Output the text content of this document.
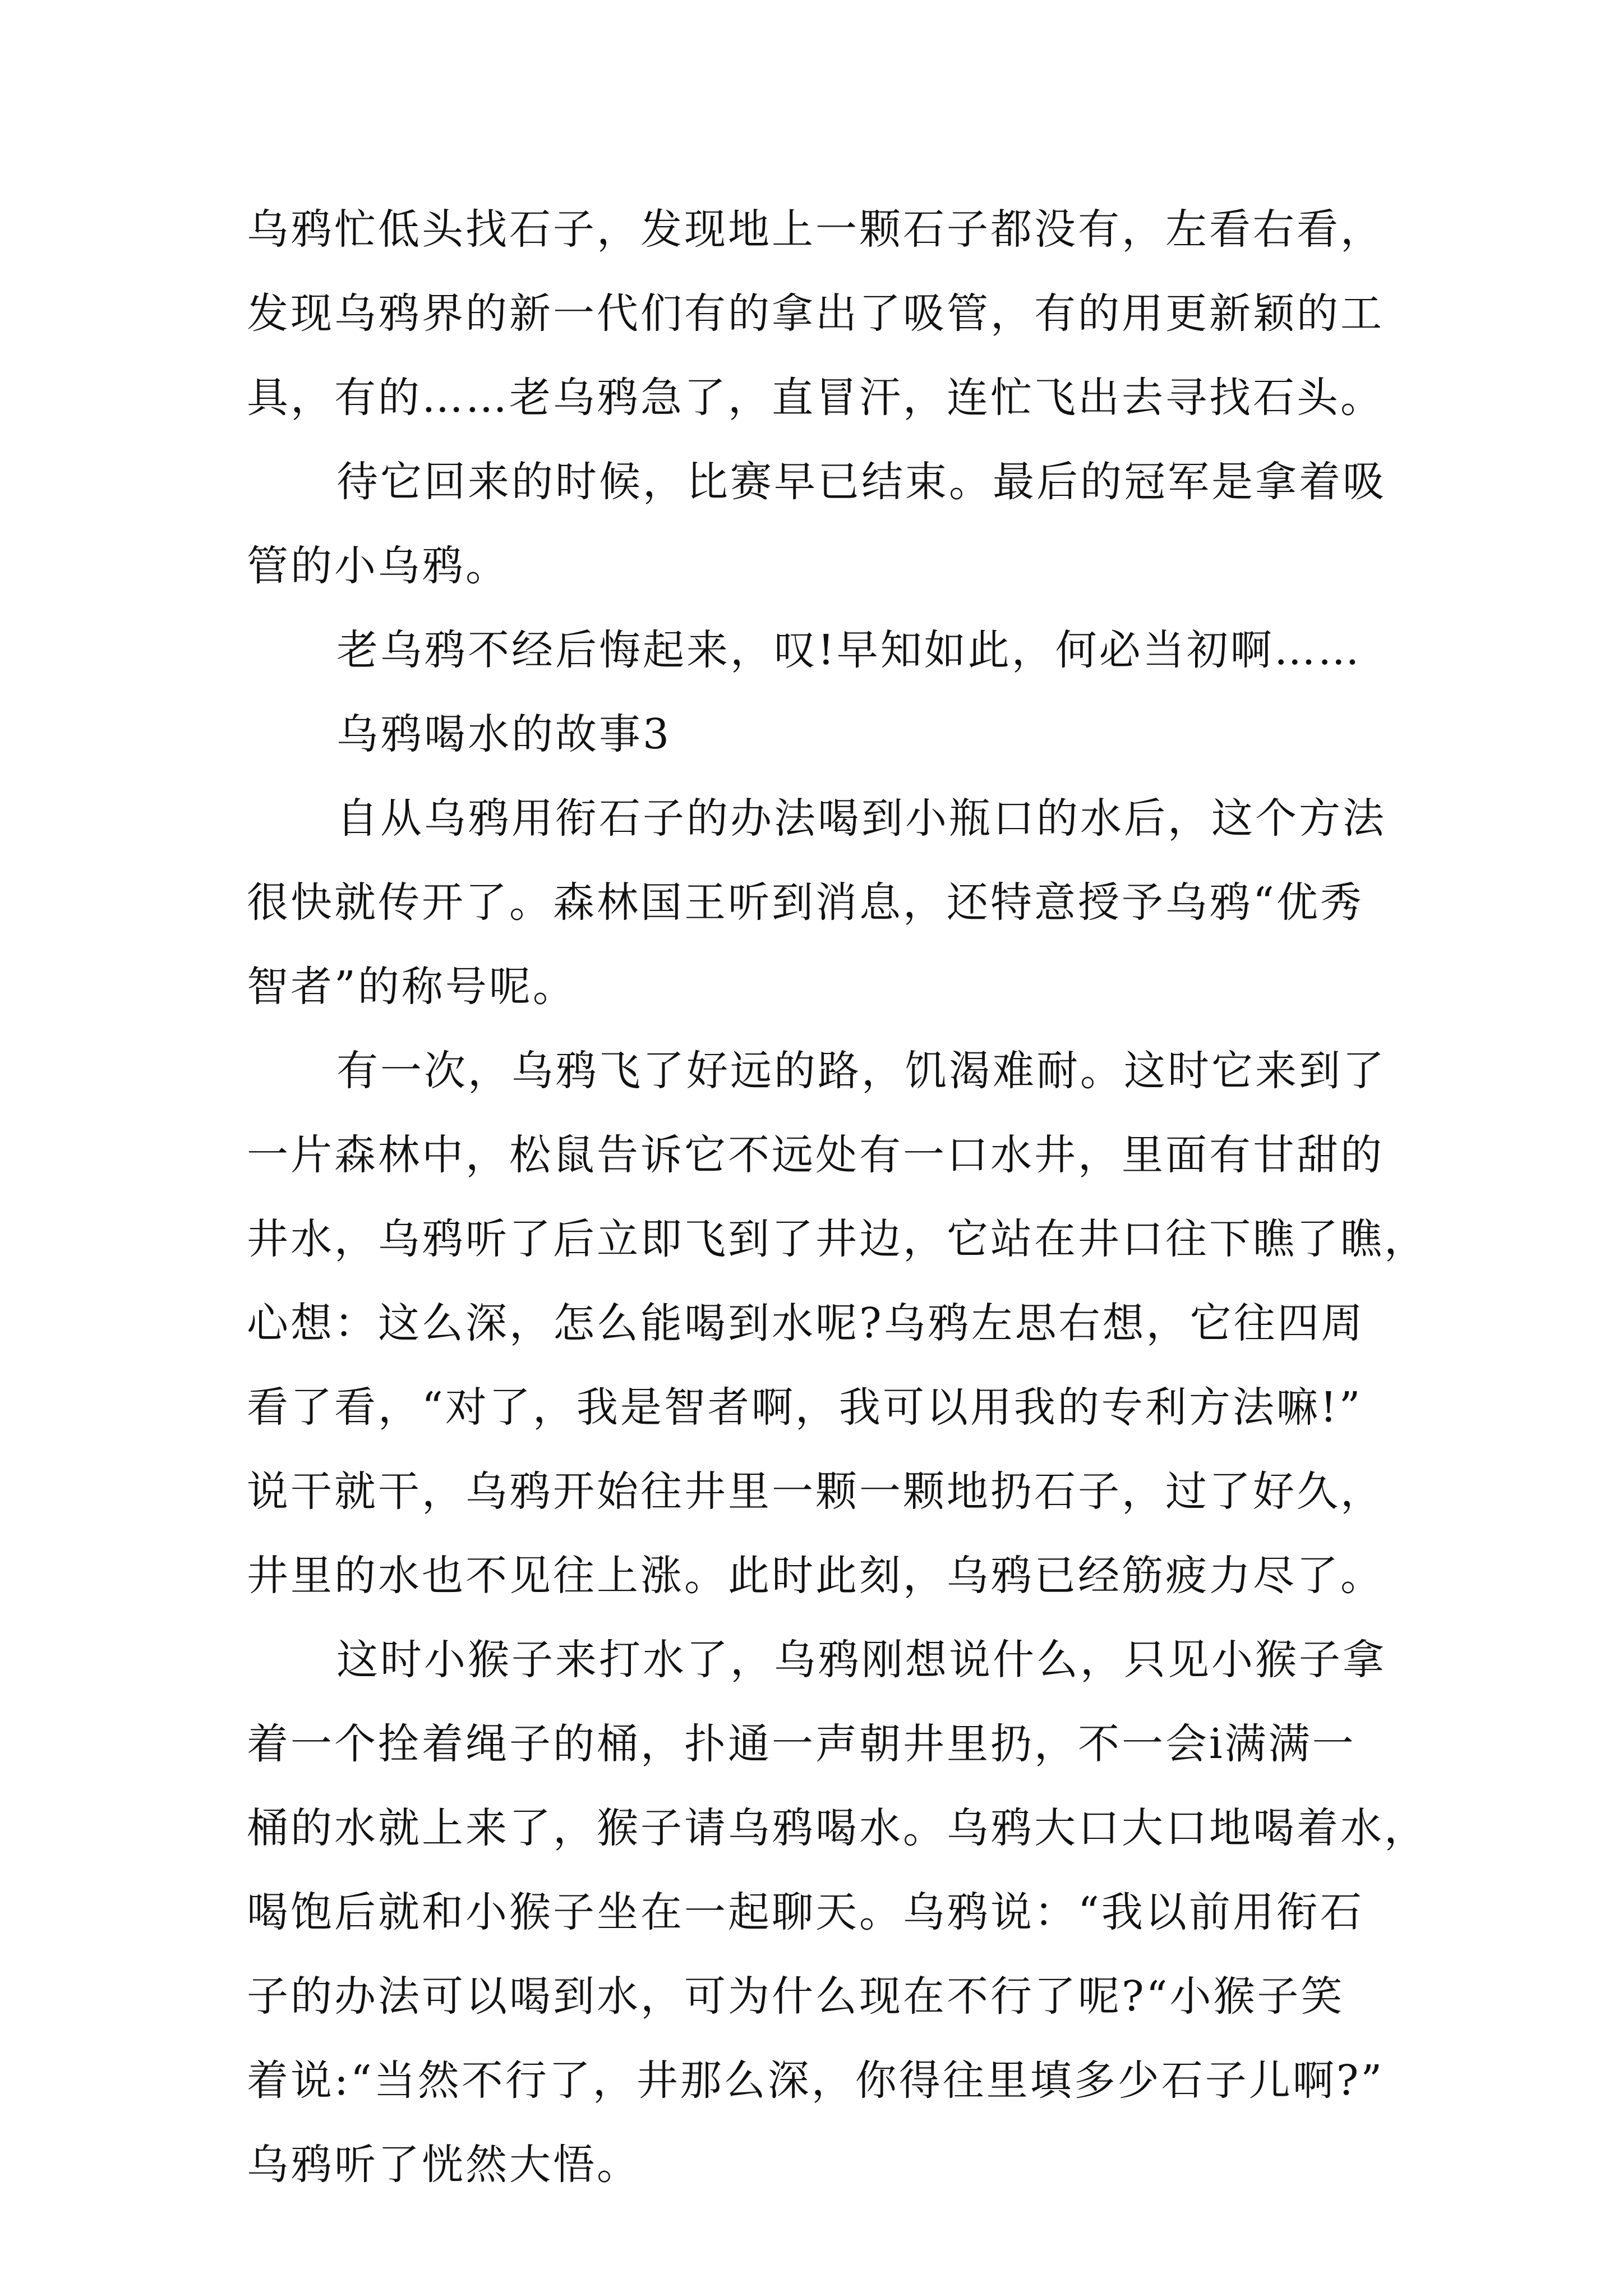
乌鸦忙低头找石子，发现地上一颗石子都没有，左看右看，
发现乌鸦界的新一代们有的拿出了吸管，有的用更新颖的工
具，有的……老乌鸦急了，直冒汗，连忙飞出去寻找石头。
待它回来的时候，比赛早已结束。最后的冠军是拿着吸
管的小乌鸦。
老乌鸦不经后悔起来，叹!早知如此，何必当初啊……
乌鸦喝水的故事3
自从乌鸦用衔石子的办法喝到小瓶口的水后，这个方法
很快就传开了。森林国王听到消息，还特意授予乌鸦“优秀
智者”的称号呢。
有一次，乌鸦飞了好远的路，饥渴难耐。这时它来到了
一片森林中，松鼠告诉它不远处有一口水井，里面有甘甜的
井水，乌鸦听了后立即飞到了井边，它站在井口往下瞧了瞧，
心想：这么深，怎么能喝到水呢?乌鸦左思右想，它往四周
看了看，“对了，我是智者啊，我可以用我的专利方法嘛!”
说干就干，乌鸦开始往井里一颗一颗地扔石子，过了好久，
井里的水也不见往上涨。此时此刻，乌鸦已经筋疲力尽了。
这时小猴子来打水了，乌鸦刚想说什么，只见小猴子拿
着一个拴着绳子的桶，扑通一声朝井里扔，不一会i满满一
桶的水就上来了，猴子请乌鸦喝水。乌鸦大口大口地喝着水，
喝饱后就和小猴子坐在一起聊天。乌鸦说：“我以前用衔石
子的办法可以喝到水，可为什么现在不行了呢?“小猴子笑
着说:“当然不行了，井那么深，你得往里填多少石子儿啊?”
乌鸦听了恍然大悟。
